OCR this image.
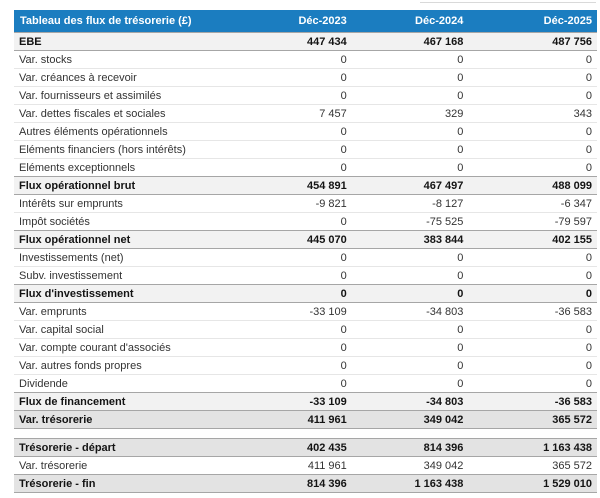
Tableau des flux de trésorerie (£)	Déc-2023	Déc-2024	Déc-2025
EBE	447 434	467 168	487 756
Var. stocks	0	0	0
Var. créances à recevoir	0	0	0
Var. fournisseurs et assimilés	0	0	0
Var. dettes fiscales et sociales	7 457	329	343
Autres éléments opérationnels	0	0	0
Eléments financiers (hors intérêts)	0	0	0
Eléments exceptionnels	0	0	0
Flux opérationnel brut	454 891	467 497	488 099
Intérêts sur emprunts	-9 821	-8 127	-6 347
Impôt sociétés	0	-75 525	-79 597
Flux opérationnel net	445 070	383 844	402 155
Investissements (net)	0	0	0
Subv. investissement	0	0	0
Flux d'investissement	0	0	0
Var. emprunts	-33 109	-34 803	-36 583
Var. capital social	0	0	0
Var. compte courant d'associés	0	0	0
Var. autres fonds propres	0	0	0
Dividende	0	0	0
Flux de financement	-33 109	-34 803	-36 583
Var. trésorerie	411 961	349 042	365 572
Trésorerie - départ	402 435	814 396	1 163 438
Var. trésorerie	411 961	349 042	365 572
Trésorerie - fin	814 396	1 163 438	1 529 010
